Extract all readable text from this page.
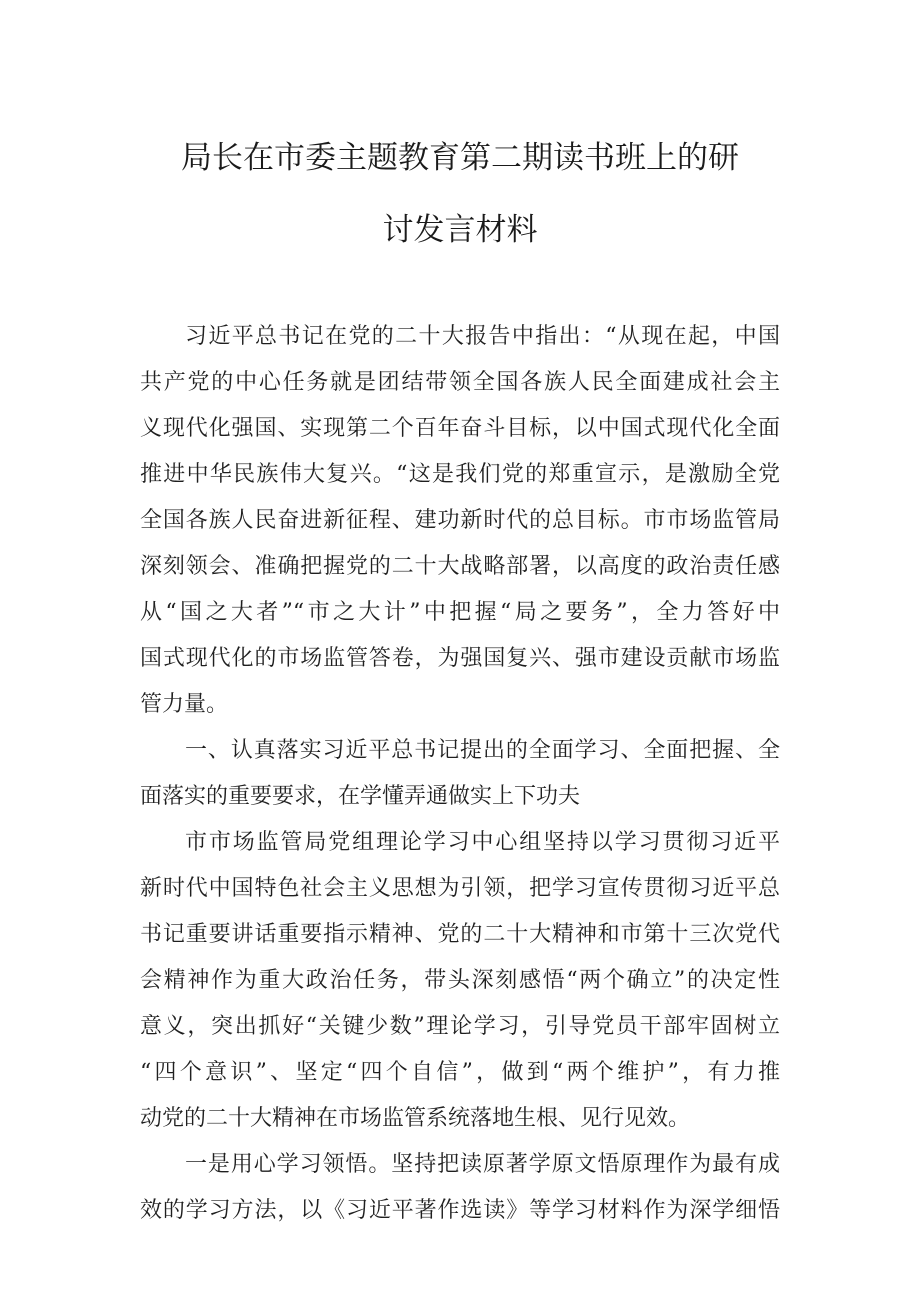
局长在市委主题教育第二期读书班上的研
讨发言材料
习近平总书记在党的二十大报告中指出：“从现在起，中国
共产党的中心任务就是团结带领全国各族人民全面建成社会主
义现代化强国、实现第二个百年奋斗目标，以中国式现代化全面
推进中华民族伟大复兴。“这是我们党的郑重宣示，是激励全党
全国各族人民奋进新征程、建功新时代的总目标。市市场监管局
深刻领会、准确把握党的二十大战略部署，以高度的政治责任感
从“国之大者”“市之大计”中把握“局之要务”，全力答好中
国式现代化的市场监管答卷，为强国复兴、强市建设贡献市场监
管力量。
一、认真落实习近平总书记提出的全面学习、全面把握、全
面落实的重要要求，在学懂弄通做实上下功夫
市市场监管局党组理论学习中心组坚持以学习贯彻习近平
新时代中国特色社会主义思想为引领，把学习宣传贯彻习近平总
书记重要讲话重要指示精神、党的二十大精神和市第十三次党代
会精神作为重大政治任务，带头深刻感悟“两个确立”的决定性
意义，突出抓好“关键少数”理论学习，引导党员干部牢固树立
“四个意识”、坚定“四个自信”，做到“两个维护”，有力推
动党的二十大精神在市场监管系统落地生根、见行见效。
一是用心学习领悟。坚持把读原著学原文悟原理作为最有成
效的学习方法，以《习近平著作选读》等学习材料作为深学细悟
